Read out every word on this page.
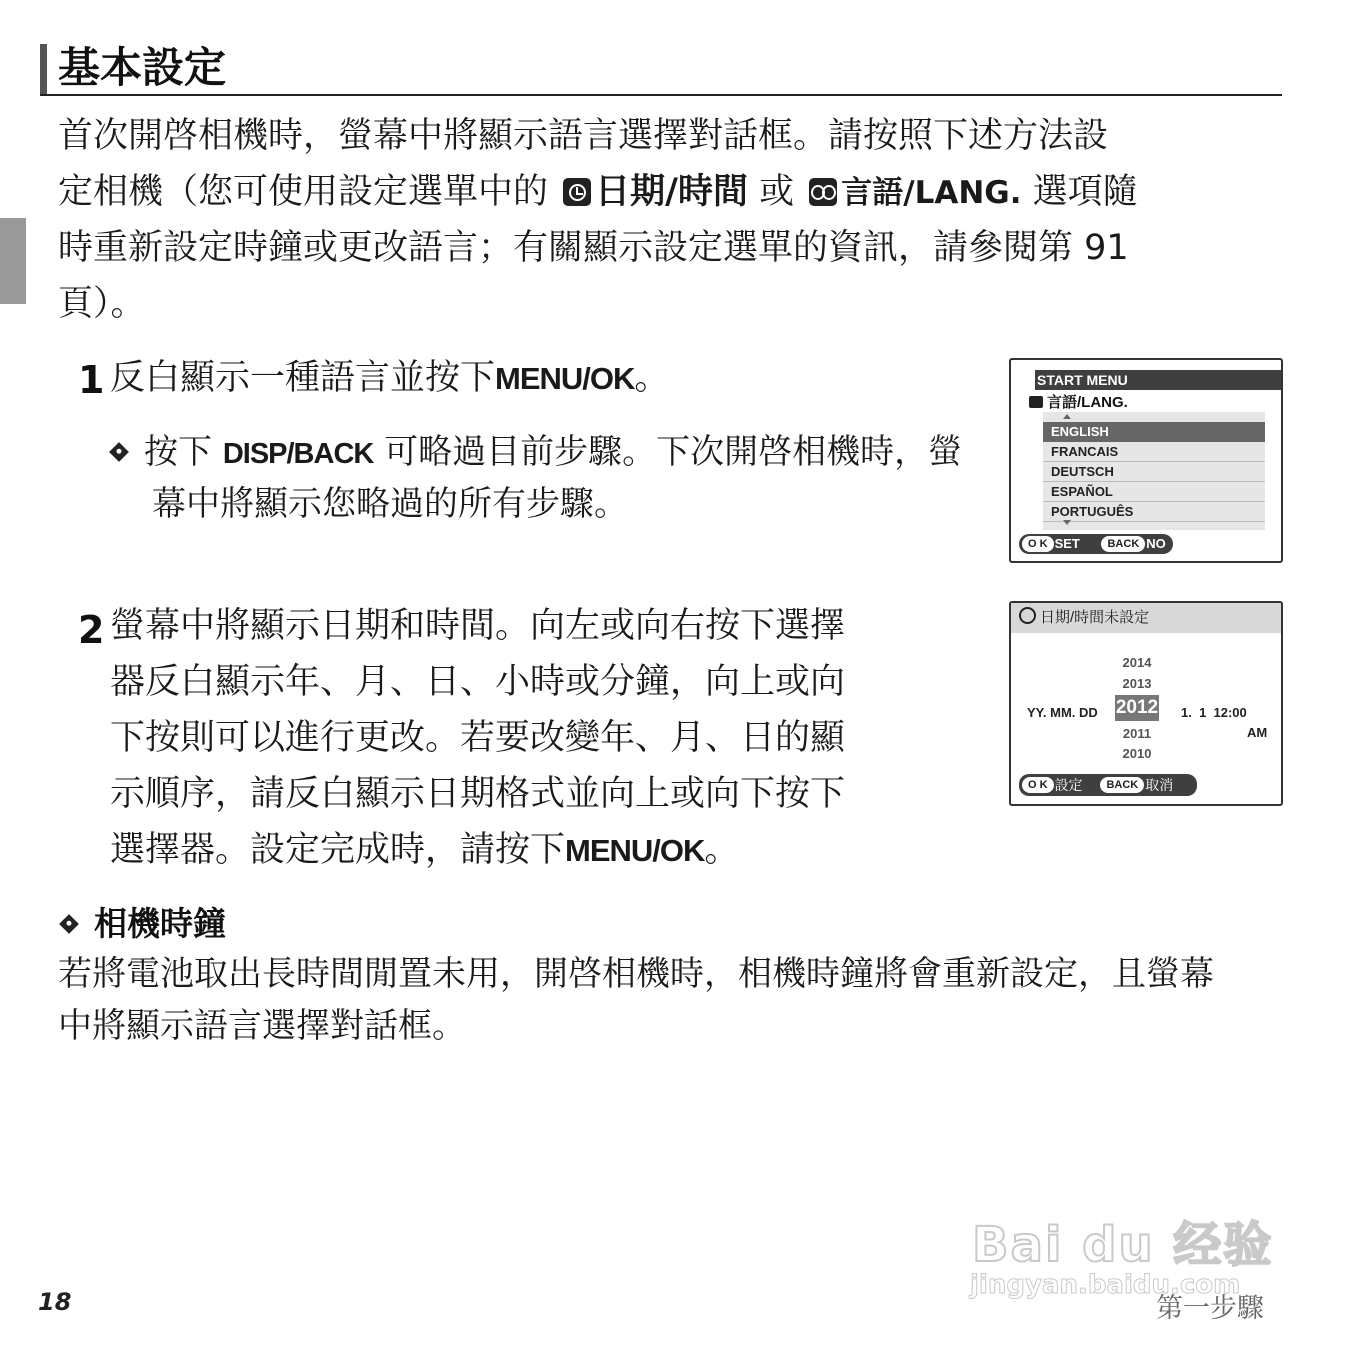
基本設定
首次開啓相機時，螢幕中將顯示語言選擇對話框。請按照下述方法設
定相機（您可使用設定選單中的 日期/時間 或 言語/LANG. 選項隨
時重新設定時鐘或更改語言；有關顯示設定選單的資訊，請參閱第 91
頁）。
1 反白顯示一種語言並按下MENU/OK。
按下 DISP/BACK 可略過目前步驟。下次開啓相機時，螢
幕中將顯示您略過的所有步驟。
START MENU
言語/LANG.
ENGLISH
FRANCAIS
DEUTSCH
ESPAÑOL
PORTUGUÊS
O K SET	BACK NO
2 螢幕中將顯示日期和時間。向左或向右按下選擇
器反白顯示年、月、日、小時或分鐘，向上或向
下按則可以進行更改。若要改變年、月、日的顯
示順序，請反白顯示日期格式並向上或向下按下
選擇器。設定完成時，請按下MENU/OK。
日期/時間未設定
2014
2013
2012
2011
2010
YY. MM. DD	1.  1  12:00
AM
O K 設定 BACK 取消
相機時鐘
若將電池取出長時間閒置未用，開啓相機時，相機時鐘將會重新設定，且螢幕
中將顯示語言選擇對話框。
Bai du 经验
jingyan.baidu.com
18	第一步驟
